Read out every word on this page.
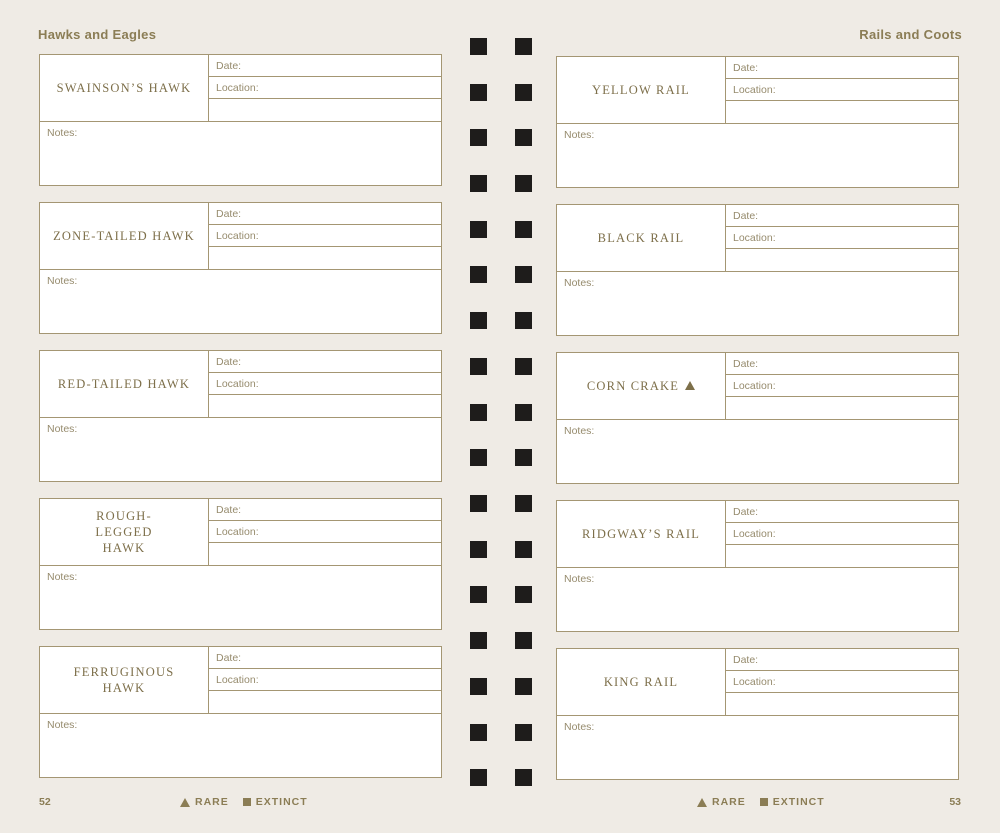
Hawks and Eagles
SWAINSON’S HAWK
Date:
Location:
Notes:
ZONE-TAILED HAWK
Date:
Location:
Notes:
RED-TAILED HAWK
Date:
Location:
Notes:
ROUGH-LEGGED HAWK
Date:
Location:
Notes:
FERRUGINOUS HAWK
Date:
Location:
Notes:
52	RARE	EXTINCT
Rails and Coots
YELLOW RAIL
Date:
Location:
Notes:
BLACK RAIL
Date:
Location:
Notes:
CORN CRAKE
Date:
Location:
Notes:
RIDGWAY’S RAIL
Date:
Location:
Notes:
KING RAIL
Date:
Location:
Notes:
RARE	EXTINCT	53
